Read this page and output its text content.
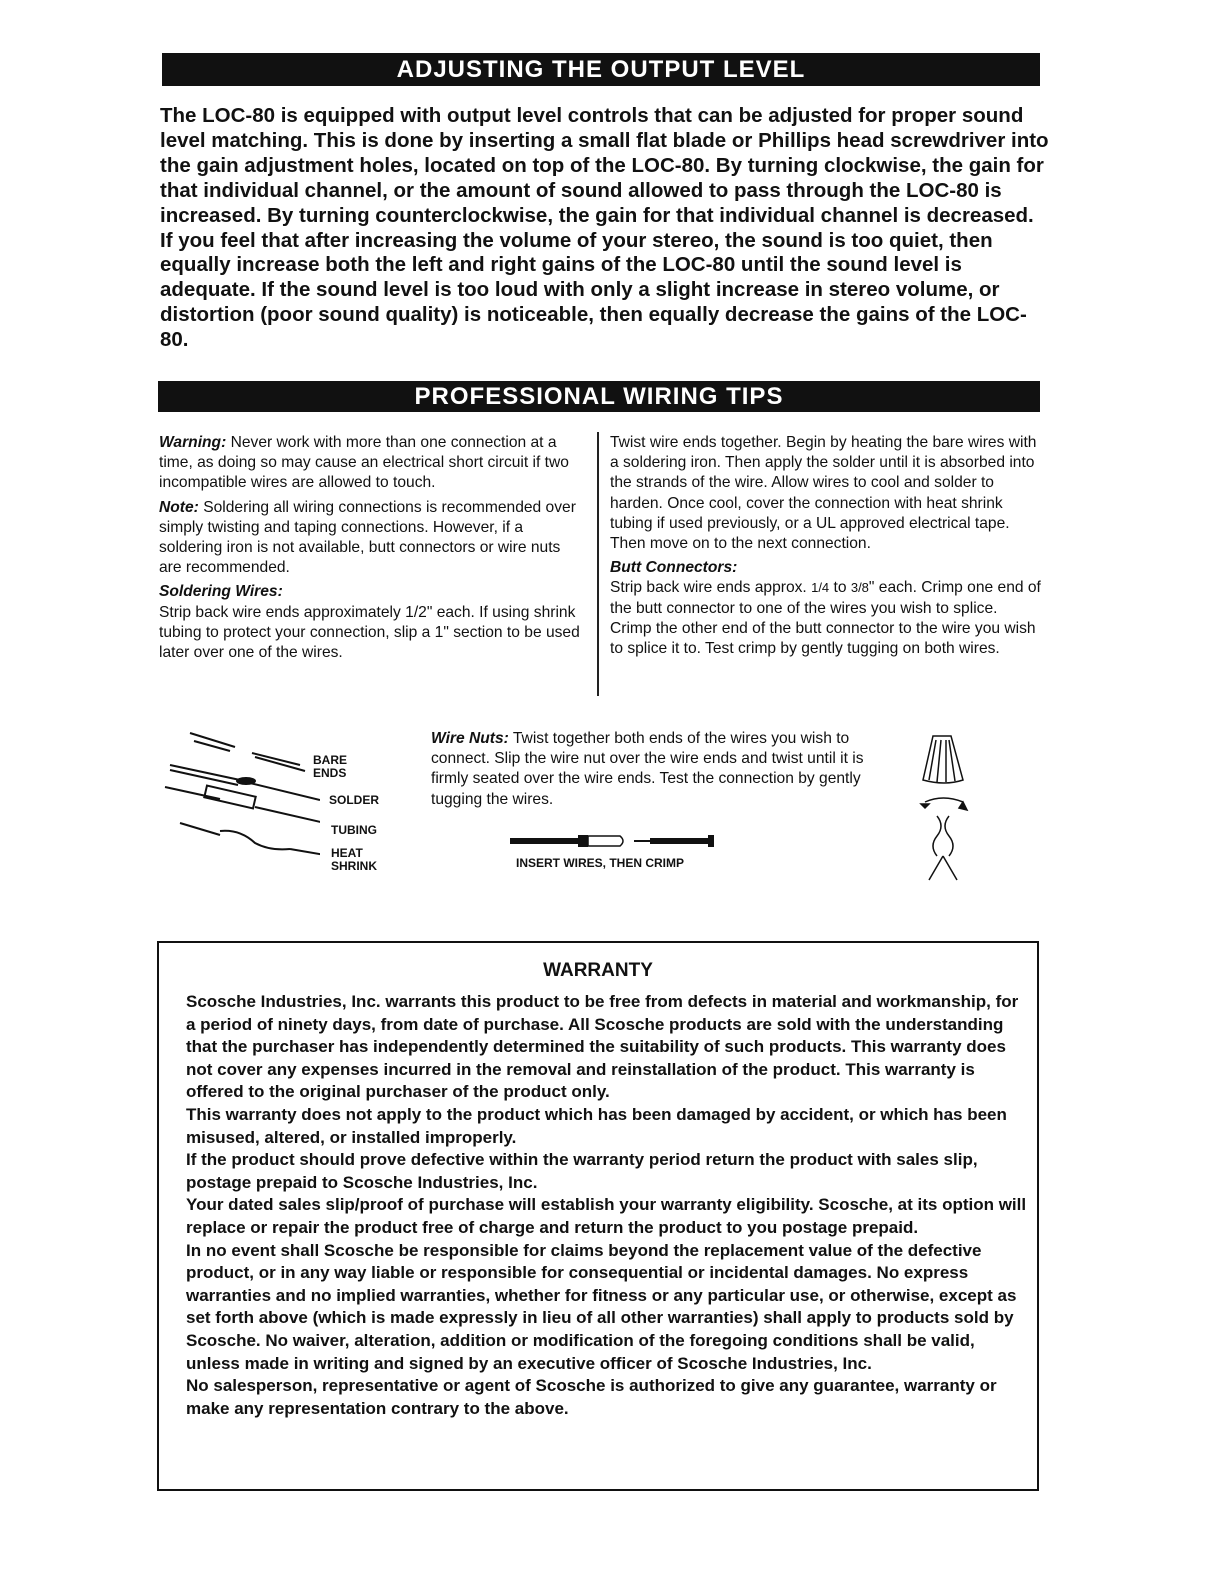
ADJUSTING THE OUTPUT LEVEL

The LOC-80 is equipped with output level controls that can be adjusted for proper sound level matching. This is done by inserting a small flat blade or Phillips head screwdriver into the gain adjustment holes, located on top of the LOC-80. By turning clockwise, the gain for that individual channel, or the amount of sound allowed to pass through the LOC-80 is increased. By turning counterclockwise, the gain for that individual channel is decreased. If you feel that after increasing the volume of your stereo, the sound is too quiet, then equally increase both the left and right gains of the LOC-80 until the sound level is adequate. If the sound level is too loud with only a slight increase in stereo volume, or distortion (poor sound quality) is noticeable, then equally decrease the gains of the LOC-80.

PROFESSIONAL WIRING TIPS

Warning: Never work with more than one connection at a time, as doing so may cause an electrical short circuit if two incompatible wires are allowed to touch.

Note: Soldering all wiring connections is recommended over simply twisting and taping connections. However, if a soldering iron is not available, butt connectors or wire nuts are recommended.

Soldering Wires:
Strip back wire ends approximately 1/2" each. If using shrink tubing to protect your connection, slip a 1" section to be used later over one of the wires.

Twist wire ends together. Begin by heating the bare wires with a soldering iron. Then apply the solder until it is absorbed into the strands of the wire. Allow wires to cool and solder to harden. Once cool, cover the connection with heat shrink tubing if used previously, or a UL approved electrical tape. Then move on to the next connection.

Butt Connectors:
Strip back wire ends approx. 1/4 to 3/8" each. Crimp one end of the butt connector to one of the wires you wish to splice. Crimp the other end of the butt connector to the wire you wish to splice it to. Test crimp by gently tugging on both wires.

BARE
ENDS
SOLDER
TUBING
HEAT
SHRINK

Wire Nuts: Twist together both ends of the wires you wish to connect. Slip the wire nut over the wire ends and twist until it is firmly seated over the wire ends. Test the connection by gently tugging the wires.

INSERT WIRES, THEN CRIMP
WARRANTY

Scosche Industries, Inc. warrants this product to be free from defects in material and workmanship, for a period of ninety days, from date of purchase. All Scosche products are sold with the understanding that the purchaser has independently determined the suitability of such products. This warranty does not cover any expenses incurred in the removal and reinstallation of the product. This warranty is offered to the original purchaser of the product only.

This warranty does not apply to the product which has been damaged by accident, or which has been misused, altered, or installed improperly.

If the product should prove defective within the warranty period return the product with sales slip, postage prepaid to Scosche Industries, Inc.

Your dated sales slip/proof of purchase will establish your warranty eligibility. Scosche, at its option will replace or repair the product free of charge and return the product to you postage prepaid.

In no event shall Scosche be responsible for claims beyond the replacement value of the defective product, or in any way liable or responsible for consequential or incidental damages. No express warranties and no implied warranties, whether for fitness or any particular use, or otherwise, except as set forth above (which is made expressly in lieu of all other warranties) shall apply to products sold by Scosche. No waiver, alteration, addition or modification of the foregoing conditions shall be valid, unless made in writing and signed by an executive officer of Scosche Industries, Inc.

No salesperson, representative or agent of Scosche is authorized to give any guarantee, warranty or make any representation contrary to the above.
